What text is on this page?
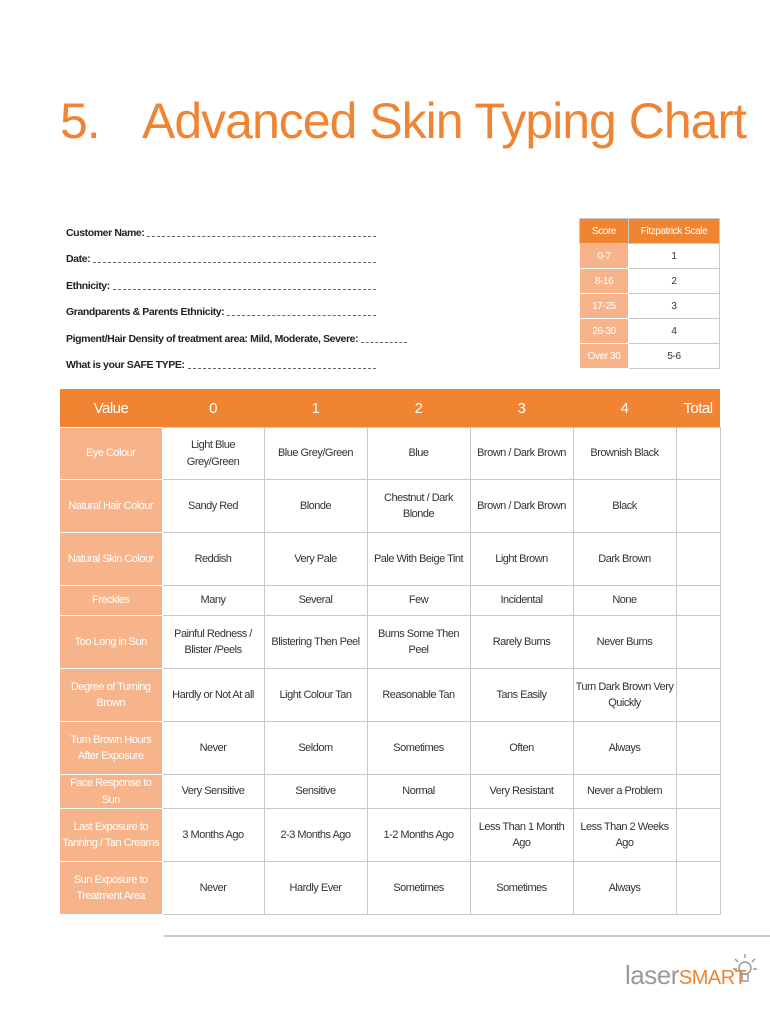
5. Advanced Skin Typing Chart
Customer Name:
Date:
Ethnicity:
Grandparents & Parents Ethnicity:
Pigment/Hair Density of treatment area: Mild, Moderate, Severe:
What is your SAFE TYPE:
Score	Fitzpatrick Scale
0-7	1
8-16	2
17-25	3
26-30	4
Over 30	5-6
Value	0	1	2	3	4	Total
Eye Colour	Light Blue Grey/Green	Blue Grey/Green	Blue	Brown / Dark Brown	Brownish Black	
Natural Hair Colour	Sandy Red	Blonde	Chestnut / Dark Blonde	Brown / Dark Brown	Black	
Natural Skin Colour	Reddish	Very Pale	Pale With Beige Tint	Light Brown	Dark Brown	
Freckles	Many	Several	Few	Incidental	None	
Too Long in Sun	Painful Redness / Blister /Peels	Blistering Then Peel	Burns Some Then Peel	Rarely Burns	Never Burns	
Degree of Turning Brown	Hardly or Not At all	Light Colour Tan	Reasonable Tan	Tans Easily	Turn Dark Brown Very Quickly	
Turn Brown Hours After Exposure	Never	Seldom	Sometimes	Often	Always	
Face Response to Sun	Very Sensitive	Sensitive	Normal	Very Resistant	Never a Problem	
Last Exposure to Tanning / Tan Creams	3 Months Ago	2-3 Months Ago	1-2 Months Ago	Less Than 1 Month Ago	Less Than 2 Weeks Ago	
Sun Exposure to Treatment Area	Never	Hardly Ever	Sometimes	Sometimes	Always	
laserSMART
